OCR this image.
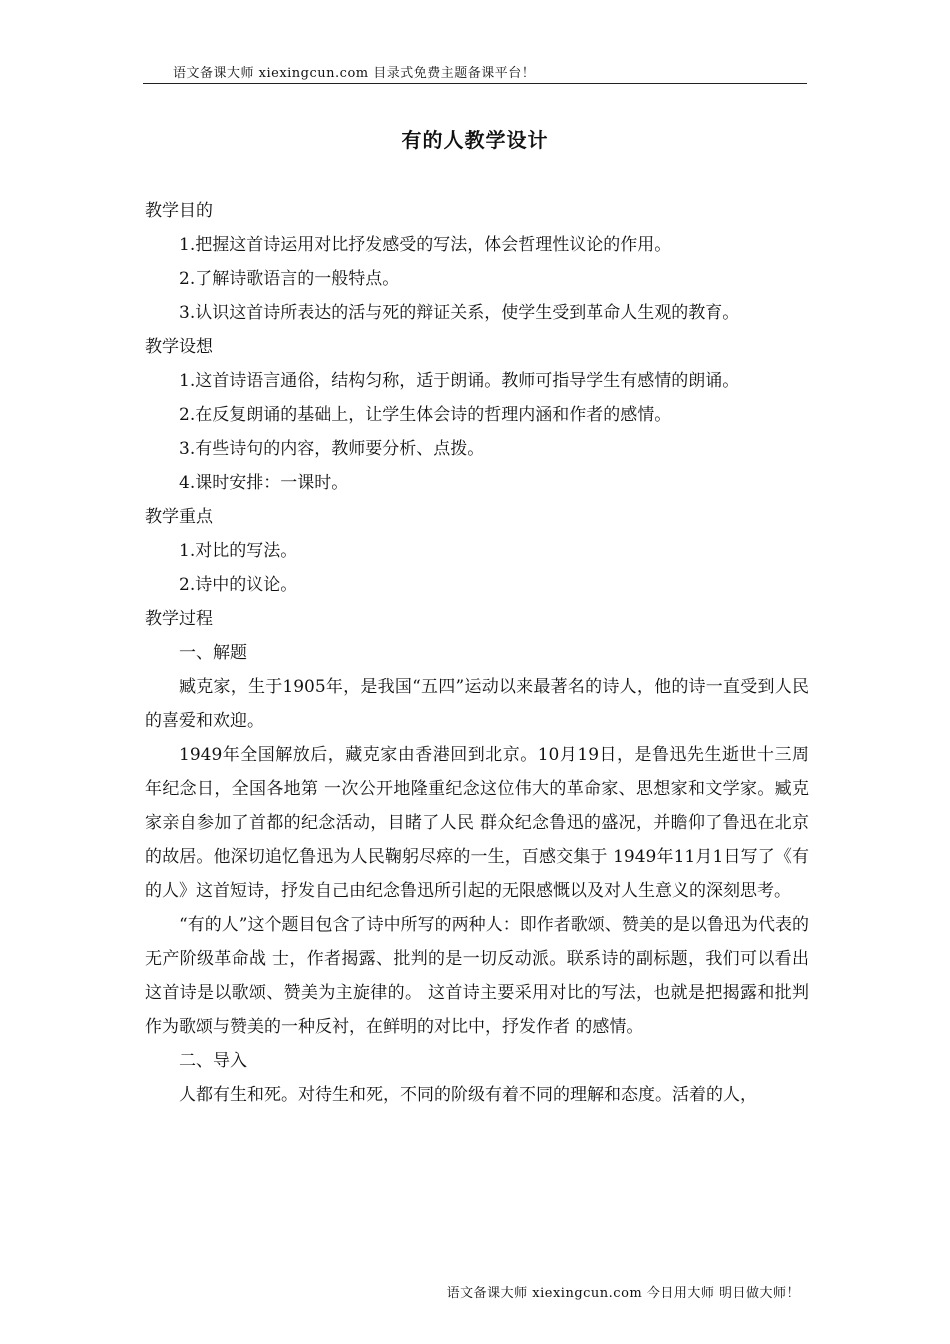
语文备课大师 xiexingcun.com 目录式免费主题备课平台！
有的人教学设计

教学目的

1.把握这首诗运用对比抒发感受的写法，体会哲理性议论的作用。

2.了解诗歌语言的一般特点。

3.认识这首诗所表达的活与死的辩证关系，使学生受到革命人生观的教育。

教学设想

1.这首诗语言通俗，结构匀称，适于朗诵。教师可指导学生有感情的朗诵。

2.在反复朗诵的基础上，让学生体会诗的哲理内涵和作者的感情。

3.有些诗句的内容，教师要分析、点拨。

4.课时安排：一课时。

教学重点

1.对比的写法。

2.诗中的议论。

教学过程

一、解题

臧克家，生于1905年，是我国“五四”运动以来最著名的诗人，他的诗一直受到人民的喜爱和欢迎。

1949年全国解放后，藏克家由香港回到北京。10月19日，是鲁迅先生逝世十三周年纪念日，全国各地第 一次公开地隆重纪念这位伟大的革命家、思想家和文学家。臧克家亲自参加了首都的纪念活动，目睹了人民 群众纪念鲁迅的盛况，并瞻仰了鲁迅在北京的故居。他深切追忆鲁迅为人民鞠躬尽瘁的一生，百感交集于 1949年11月1日写了《有的人》这首短诗，抒发自己由纪念鲁迅所引起的无限感慨以及对人生意义的深刻思考。

“有的人”这个题目包含了诗中所写的两种人：即作者歌颂、赞美的是以鲁迅为代表的无产阶级革命战 士，作者揭露、批判的是一切反动派。联系诗的副标题，我们可以看出这首诗是以歌颂、赞美为主旋律的。 这首诗主要采用对比的写法，也就是把揭露和批判作为歌颂与赞美的一种反衬，在鲜明的对比中，抒发作者 的感情。

二、导入

人都有生和死。对待生和死，不同的阶级有着不同的理解和态度。活着的人，

语文备课大师 xiexingcun.com 今日用大师 明日做大师！
